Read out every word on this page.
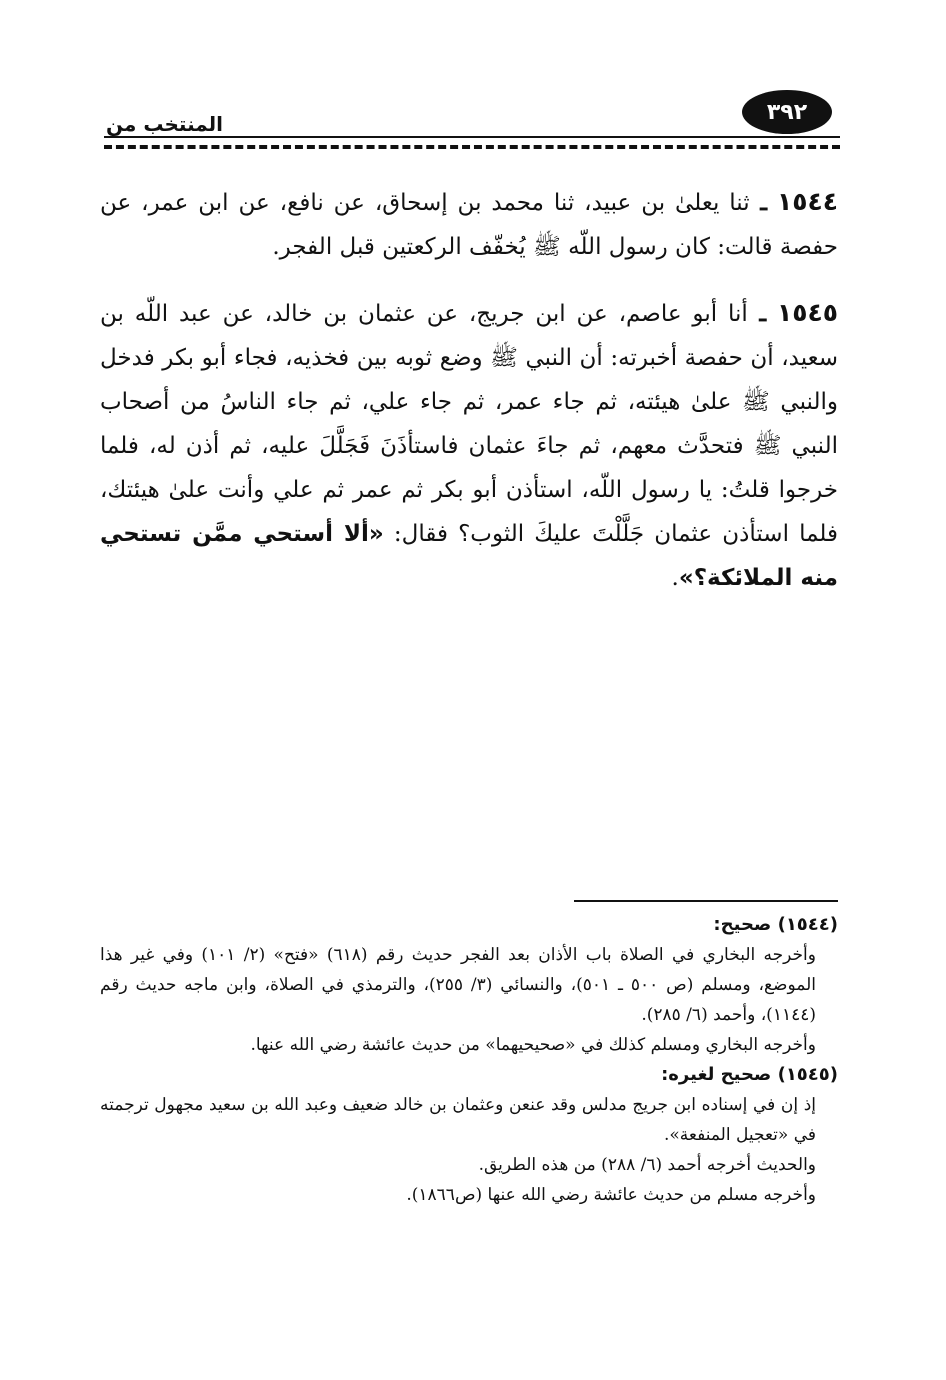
٣٩٢
المنتخب من

١٥٤٤ ـ ثنا يعلىٰ بن عبيد، ثنا محمد بن إسحاق، عن نافع، عن ابن عمر، عن حفصة قالت: كان رسول اللّه ﷺ يُخفّف الركعتين قبل الفجر.

١٥٤٥ ـ أنا أبو عاصم، عن ابن جريج، عن عثمان بن خالد، عن عبد اللّه بن سعيد، أن حفصة أخبرته: أن النبي ﷺ وضع ثوبه بين فخذيه، فجاء أبو بكر فدخل والنبي ﷺ علىٰ هيئته، ثم جاء عمر، ثم جاء علي، ثم جاء الناسُ من أصحاب النبي ﷺ فتحدَّث معهم، ثم جاءَ عثمان فاستأذَنَ فَجَلَّلَ عليه، ثم أذن له، فلما خرجوا قلتُ: يا رسول اللّه، استأذن أبو بكر ثم عمر ثم علي وأنت علىٰ هيئتك، فلما استأذن عثمان جَلَّلْتَ عليكَ الثوب؟ فقال: «ألا أستحي ممَّن تستحي منه الملائكة؟».

(١٥٤٤) صحيح:

وأخرجه البخاري في الصلاة باب الأذان بعد الفجر حديث رقم (٦١٨) «فتح» (٢/ ١٠١) وفي غير هذا الموضع، ومسلم (ص ٥٠٠ ـ ٥٠١)، والنسائي (٣/ ٢٥٥)، والترمذي في الصلاة، وابن ماجه حديث رقم (١١٤٤)، وأحمد (٦/ ٢٨٥).

وأخرجه البخاري ومسلم كذلك في «صحيحيهما» من حديث عائشة رضي الله عنها.

(١٥٤٥) صحيح لغيره:

إذ إن في إسناده ابن جريج مدلس وقد عنعن وعثمان بن خالد ضعيف وعبد الله بن سعيد مجهول ترجمته في «تعجيل المنفعة».

والحديث أخرجه أحمد (٦/ ٢٨٨) من هذه الطريق.

وأخرجه مسلم من حديث عائشة رضي الله عنها (ص١٨٦٦).
